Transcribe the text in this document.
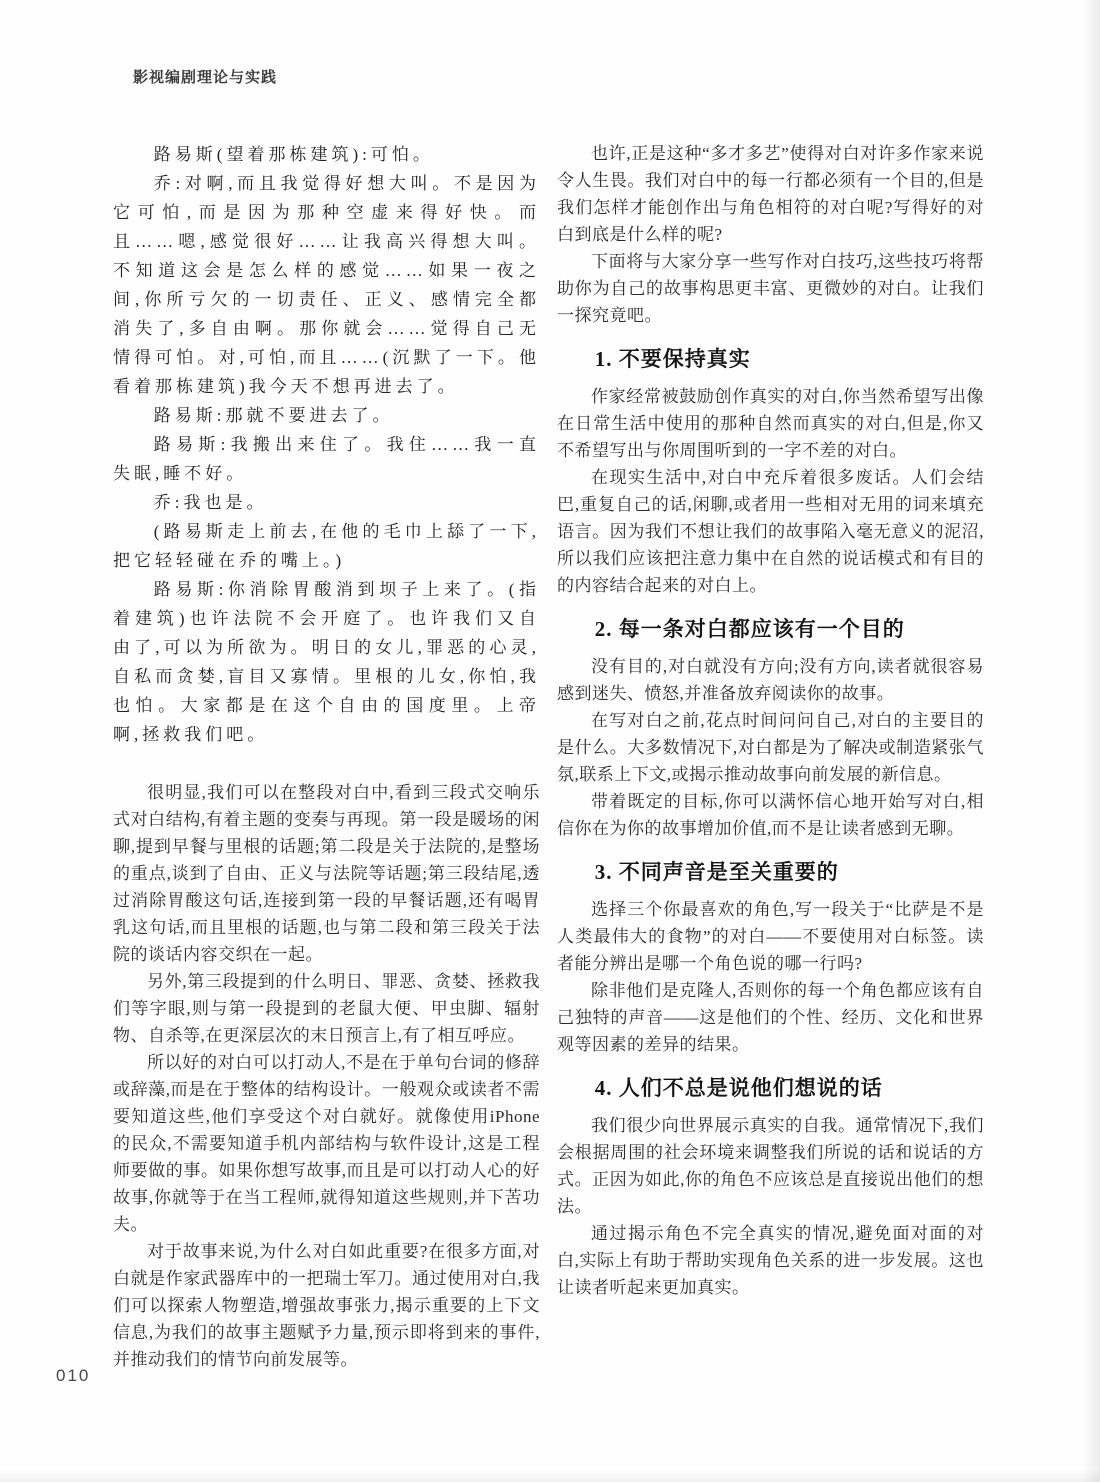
影视编剧理论与实践

路易斯(望着那栋建筑):可怕。

乔:对啊,而且我觉得好想大叫。不是因为它可怕,而是因为那种空虚来得好快。而且……嗯,感觉很好……让我高兴得想大叫。不知道这会是怎么样的感觉……如果一夜之间,你所亏欠的一切责任、正义、感情完全都消失了,多自由啊。那你就会……觉得自己无情得可怕。对,可怕,而且……(沉默了一下。他看着那栋建筑)我今天不想再进去了。

路易斯:那就不要进去了。

路易斯:我搬出来住了。我住……我一直失眠,睡不好。

乔:我也是。

(路易斯走上前去,在他的毛巾上舔了一下,把它轻轻碰在乔的嘴上。)

路易斯:你消除胃酸消到坝子上来了。(指着建筑)也许法院不会开庭了。也许我们又自由了,可以为所欲为。明日的女儿,罪恶的心灵,自私而贪婪,盲目又寡情。里根的儿女,你怕,我也怕。大家都是在这个自由的国度里。上帝啊,拯救我们吧。

很明显,我们可以在整段对白中,看到三段式交响乐式对白结构,有着主题的变奏与再现。第一段是暖场的闲聊,提到早餐与里根的话题;第二段是关于法院的,是整场的重点,谈到了自由、正义与法院等话题;第三段结尾,透过消除胃酸这句话,连接到第一段的早餐话题,还有喝胃乳这句话,而且里根的话题,也与第二段和第三段关于法院的谈话内容交织在一起。

另外,第三段提到的什么明日、罪恶、贪婪、拯救我们等字眼,则与第一段提到的老鼠大便、甲虫脚、辐射物、自杀等,在更深层次的末日预言上,有了相互呼应。

所以好的对白可以打动人,不是在于单句台词的修辞或辞藻,而是在于整体的结构设计。一般观众或读者不需要知道这些,他们享受这个对白就好。就像使用iPhone 的民众,不需要知道手机内部结构与软件设计,这是工程师要做的事。如果你想写故事,而且是可以打动人心的好故事,你就等于在当工程师,就得知道这些规则,并下苦功夫。

对于故事来说,为什么对白如此重要?在很多方面,对白就是作家武器库中的一把瑞士军刀。通过使用对白,我们可以探索人物塑造,增强故事张力,揭示重要的上下文信息,为我们的故事主题赋予力量,预示即将到来的事件,并推动我们的情节向前发展等。

也许,正是这种“多才多艺”使得对白对许多作家来说令人生畏。我们对白中的每一行都必须有一个目的,但是我们怎样才能创作出与角色相符的对白呢?写得好的对白到底是什么样的呢?

下面将与大家分享一些写作对白技巧,这些技巧将帮助你为自己的故事构思更丰富、更微妙的对白。让我们一探究竟吧。

1. 不要保持真实

作家经常被鼓励创作真实的对白,你当然希望写出像在日常生活中使用的那种自然而真实的对白,但是,你又不希望写出与你周围听到的一字不差的对白。

在现实生活中,对白中充斥着很多废话。人们会结巴,重复自己的话,闲聊,或者用一些相对无用的词来填充语言。因为我们不想让我们的故事陷入毫无意义的泥沼,所以我们应该把注意力集中在自然的说话模式和有目的的内容结合起来的对白上。

2. 每一条对白都应该有一个目的

没有目的,对白就没有方向;没有方向,读者就很容易感到迷失、愤怒,并准备放弃阅读你的故事。

在写对白之前,花点时间问问自己,对白的主要目的是什么。大多数情况下,对白都是为了解决或制造紧张气氛,联系上下文,或揭示推动故事向前发展的新信息。

带着既定的目标,你可以满怀信心地开始写对白,相信你在为你的故事增加价值,而不是让读者感到无聊。

3. 不同声音是至关重要的

选择三个你最喜欢的角色,写一段关于“比萨是不是人类最伟大的食物”的对白——不要使用对白标签。读者能分辨出是哪一个角色说的哪一行吗?

除非他们是克隆人,否则你的每一个角色都应该有自己独特的声音——这是他们的个性、经历、文化和世界观等因素的差异的结果。

4. 人们不总是说他们想说的话

我们很少向世界展示真实的自我。通常情况下,我们会根据周围的社会环境来调整我们所说的话和说话的方式。正因为如此,你的角色不应该总是直接说出他们的想法。

通过揭示角色不完全真实的情况,避免面对面的对白,实际上有助于帮助实现角色关系的进一步发展。这也让读者听起来更加真实。

010
